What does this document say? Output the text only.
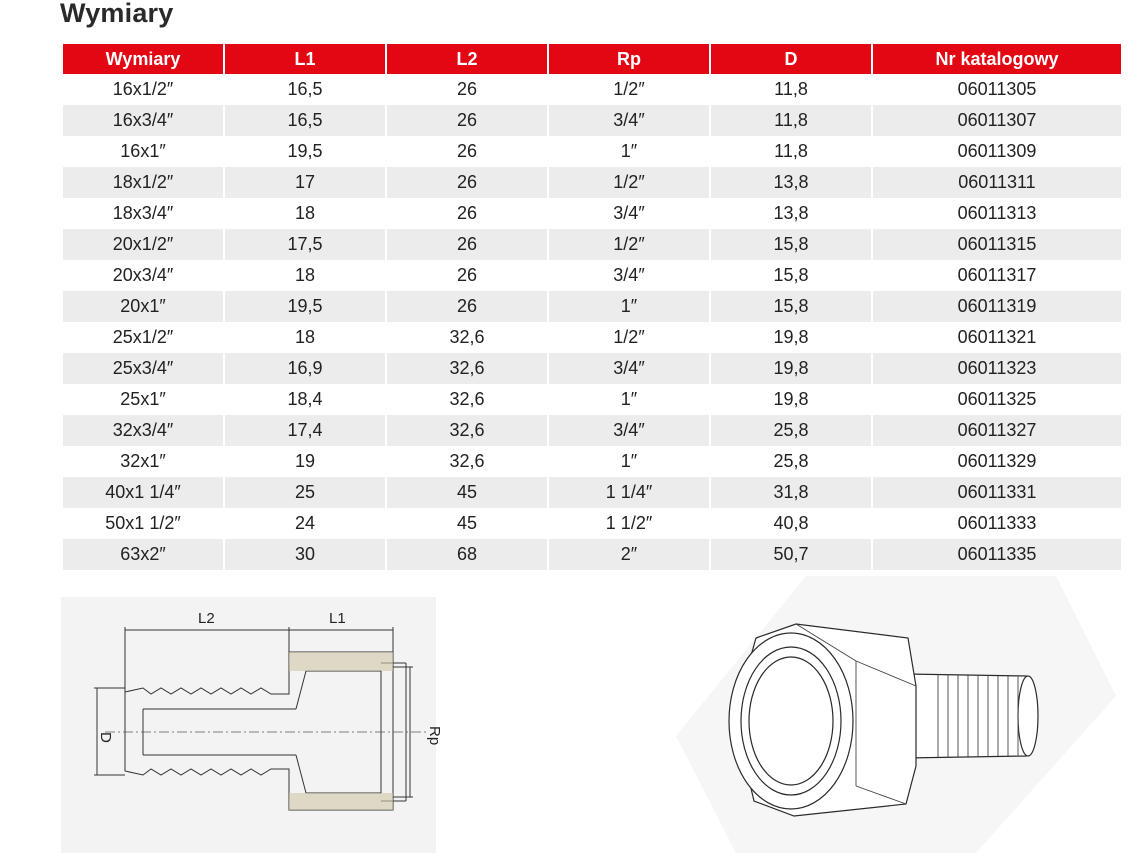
Wymiary
Wymiary	L1	L2	Rp	D	Nr katalogowy
16x1/2″	16,5	26	1/2″	11,8	06011305
16x3/4″	16,5	26	3/4″	11,8	06011307
16x1″	19,5	26	1″	11,8	06011309
18x1/2″	17	26	1/2″	13,8	06011311
18x3/4″	18	26	3/4″	13,8	06011313
20x1/2″	17,5	26	1/2″	15,8	06011315
20x3/4″	18	26	3/4″	15,8	06011317
20x1″	19,5	26	1″	15,8	06011319
25x1/2″	18	32,6	1/2″	19,8	06011321
25x3/4″	16,9	32,6	3/4″	19,8	06011323
25x1″	18,4	32,6	1″	19,8	06011325
32x3/4″	17,4	32,6	3/4″	25,8	06011327
32x1″	19	32,6	1″	25,8	06011329
40x1 1/4″	25	45	1 1/4″	31,8	06011331
50x1 1/2″	24	45	1 1/2″	40,8	06011333
63x2″	30	68	2″	50,7	06011335
L2	L1
D	Rp
